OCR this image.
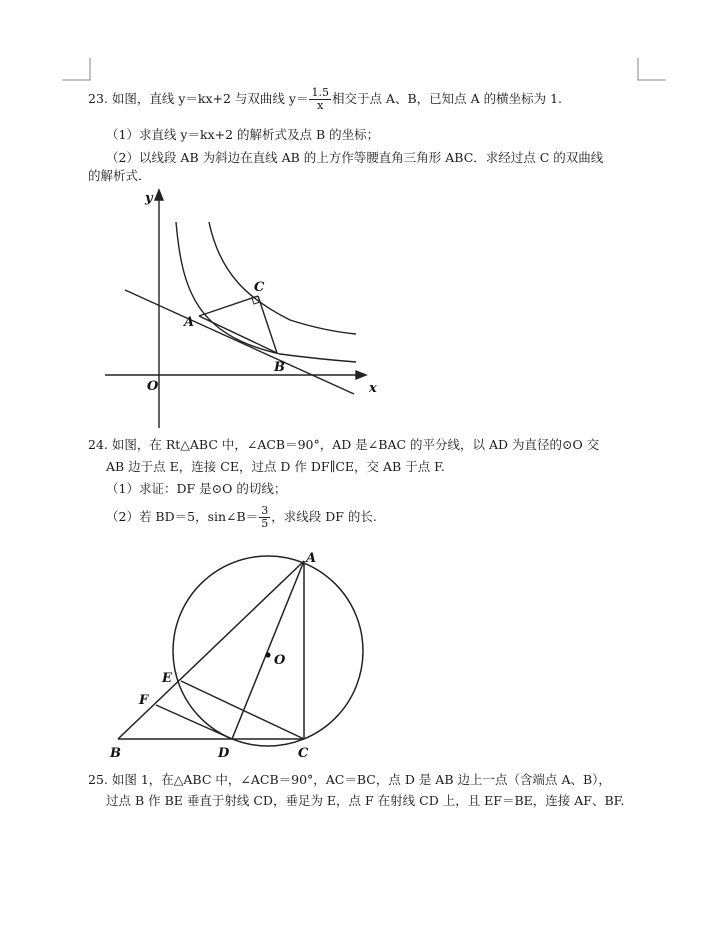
23. 如图，直线 y＝kx+2 与双曲线 $y= \frac{1.5}{x}$ 相交于点 A、B，已知点 A 的横坐标为 1.
（1）求直线 y＝kx+2 的解析式及点 B 的坐标；
（2）以线段 AB 为斜边在直线 AB 的上方作等腰直角三角形 ABC．求经过点 C 的双曲线
的解析式．
y
x
O
A
B
C
24. 如图，在 Rt△ABC 中，∠ACB＝90°，AD 是∠BAC 的平分线，以 AD 为直径的⊙O 交
AB 边于点 E，连接 CE，过点 D 作 DF∥CE，交 AB 于点 F.
（1）求证：DF 是⊙O 的切线；
（2）若 BD＝5，sin∠B＝ $\frac{3}{5}$ ，求线段 DF 的长.
A
O
E
F
B	D	C
25. 如图 1，在△ABC 中，∠ACB＝90°，AC＝BC，点 D 是 AB 边上一点（含端点 A、B），
过点 B 作 BE 垂直于射线 CD，垂足为 E，点 F 在射线 CD 上，且 EF＝BE，连接 AF、BF.
